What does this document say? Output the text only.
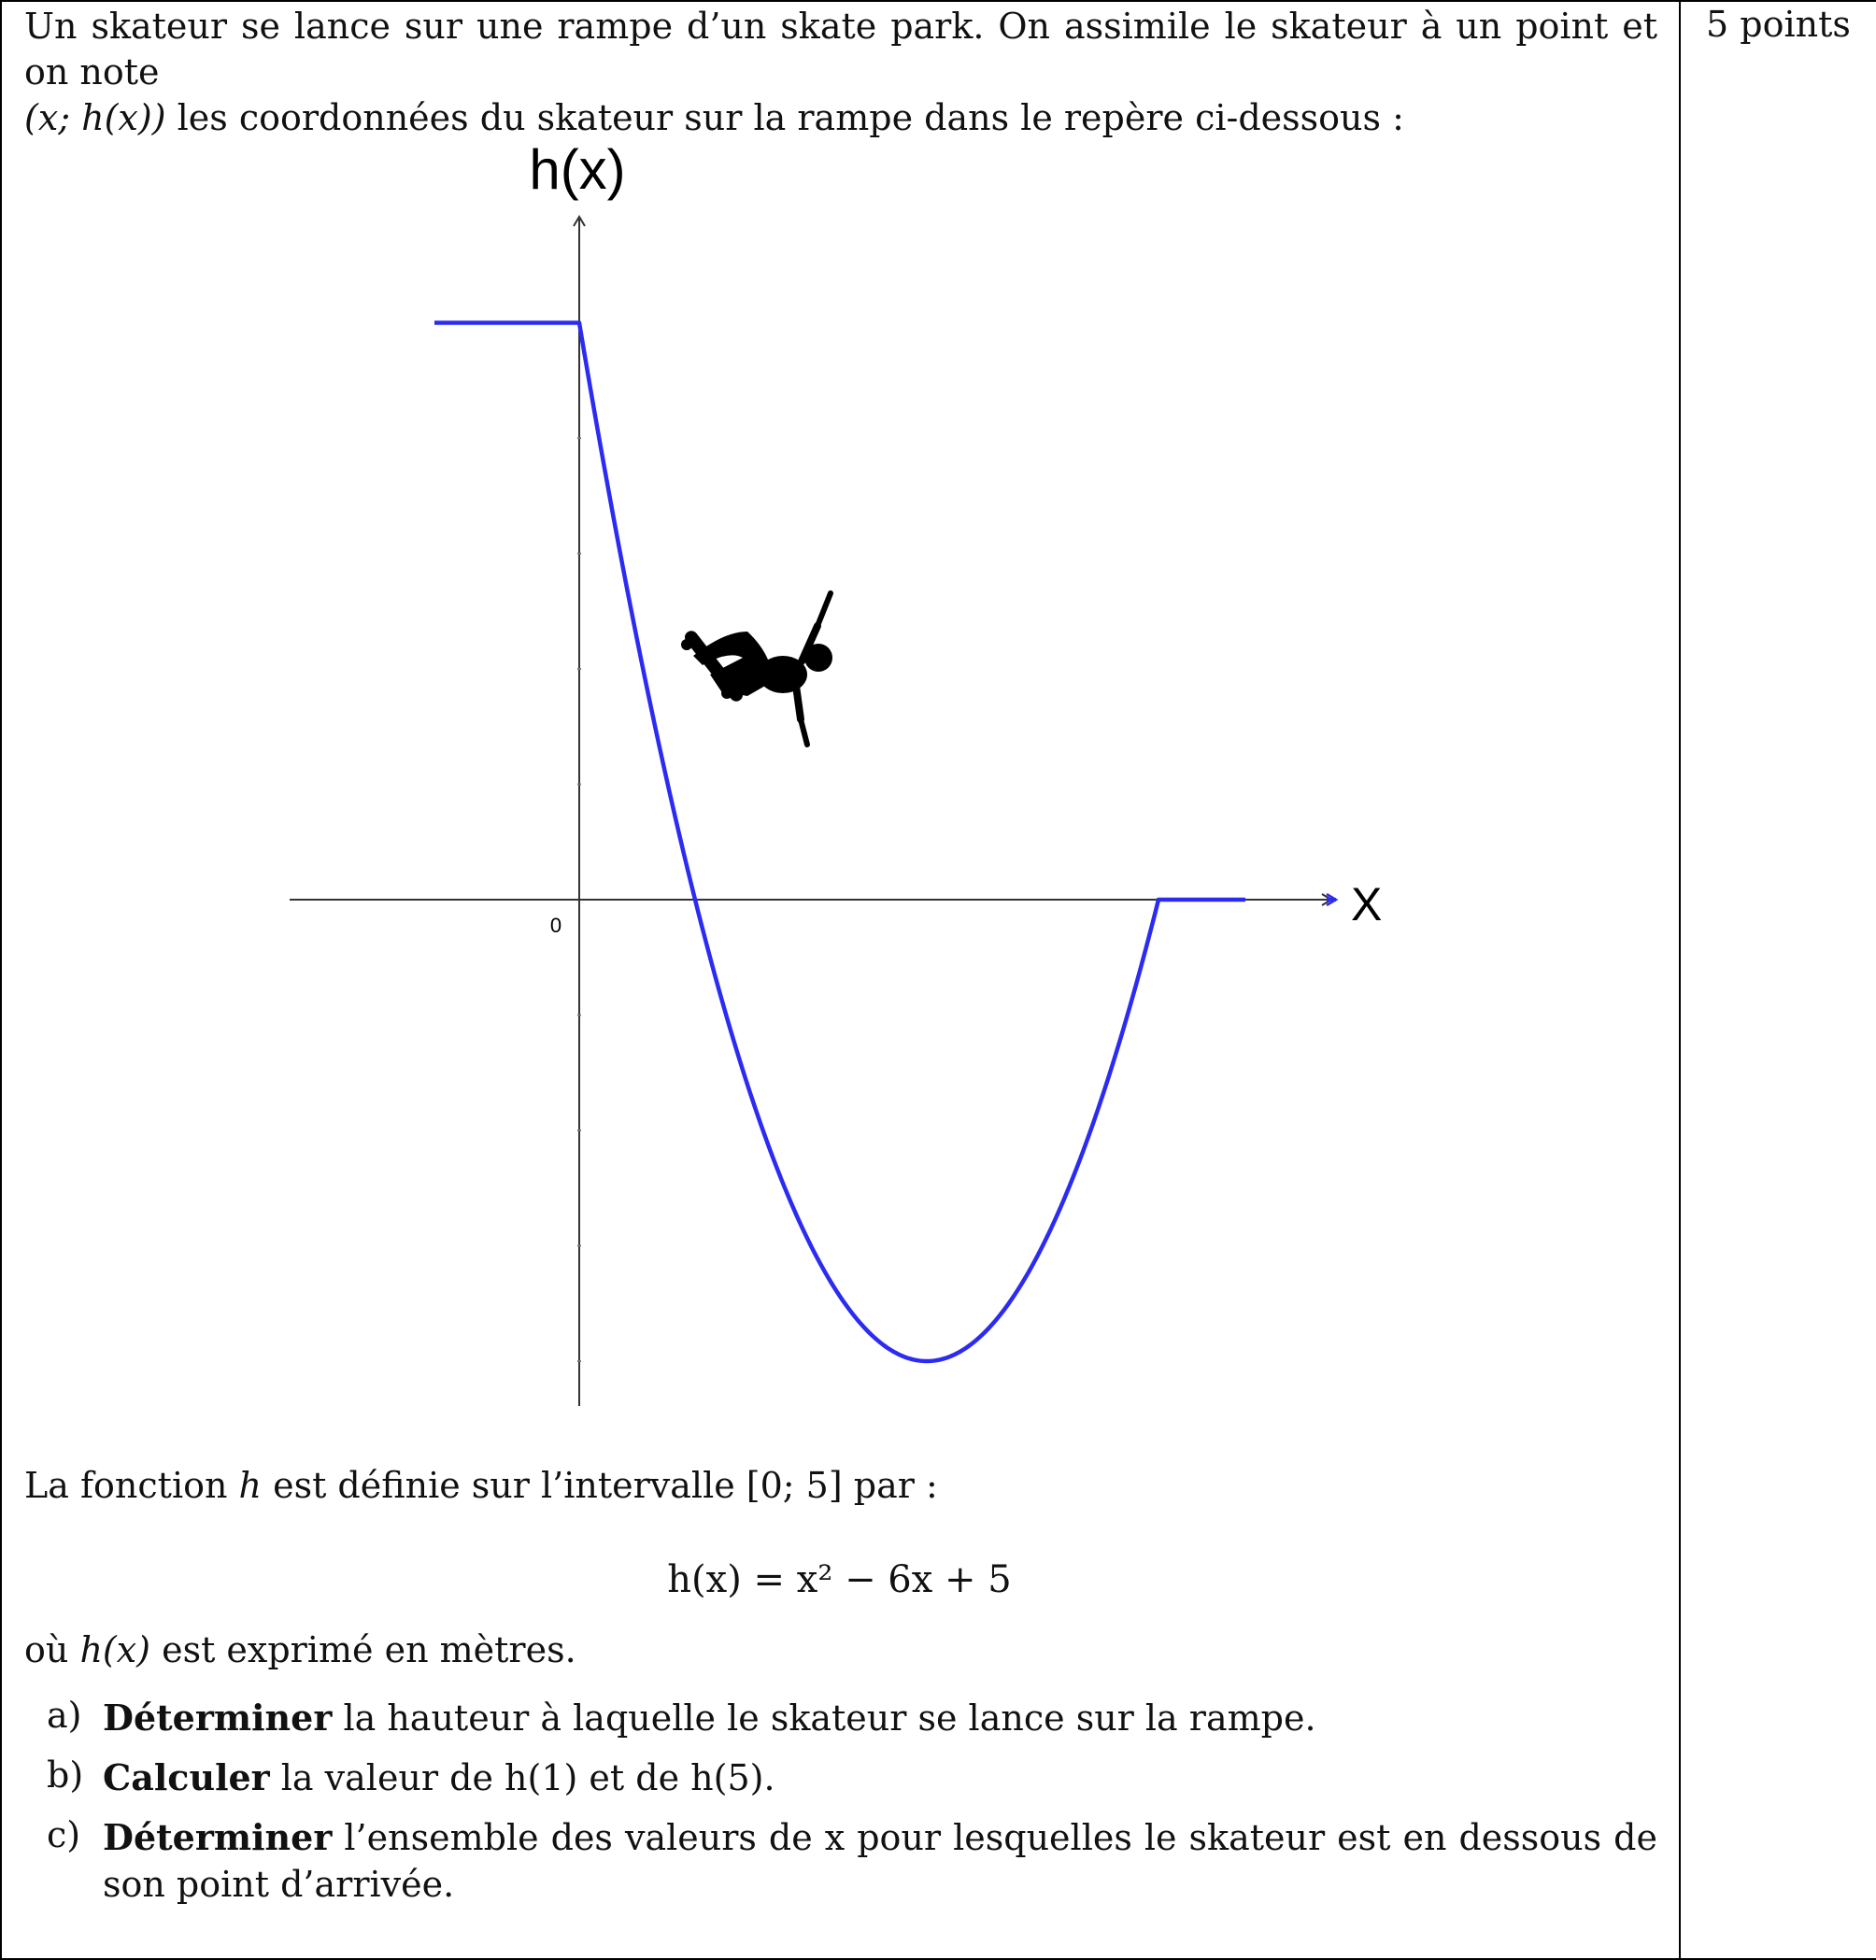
5 points

Un skateur se lance sur une rampe d’un skate park. On assimile le skateur à un point et on note

(x; h(x)) les coordonnées du skateur sur la rampe dans le repère ci-dessous :

h(x)
X
0
La fonction h est définie sur l’intervalle [0; 5] par :
h(x) = x² − 6x + 5
où h(x) est exprimé en mètres.
a) Déterminer la hauteur à laquelle le skateur se lance sur la rampe.
b) Calculer la valeur de h(1) et de h(5).
c) Déterminer l’ensemble des valeurs de x pour lesquelles le skateur est en dessous de son point d’arrivée.
